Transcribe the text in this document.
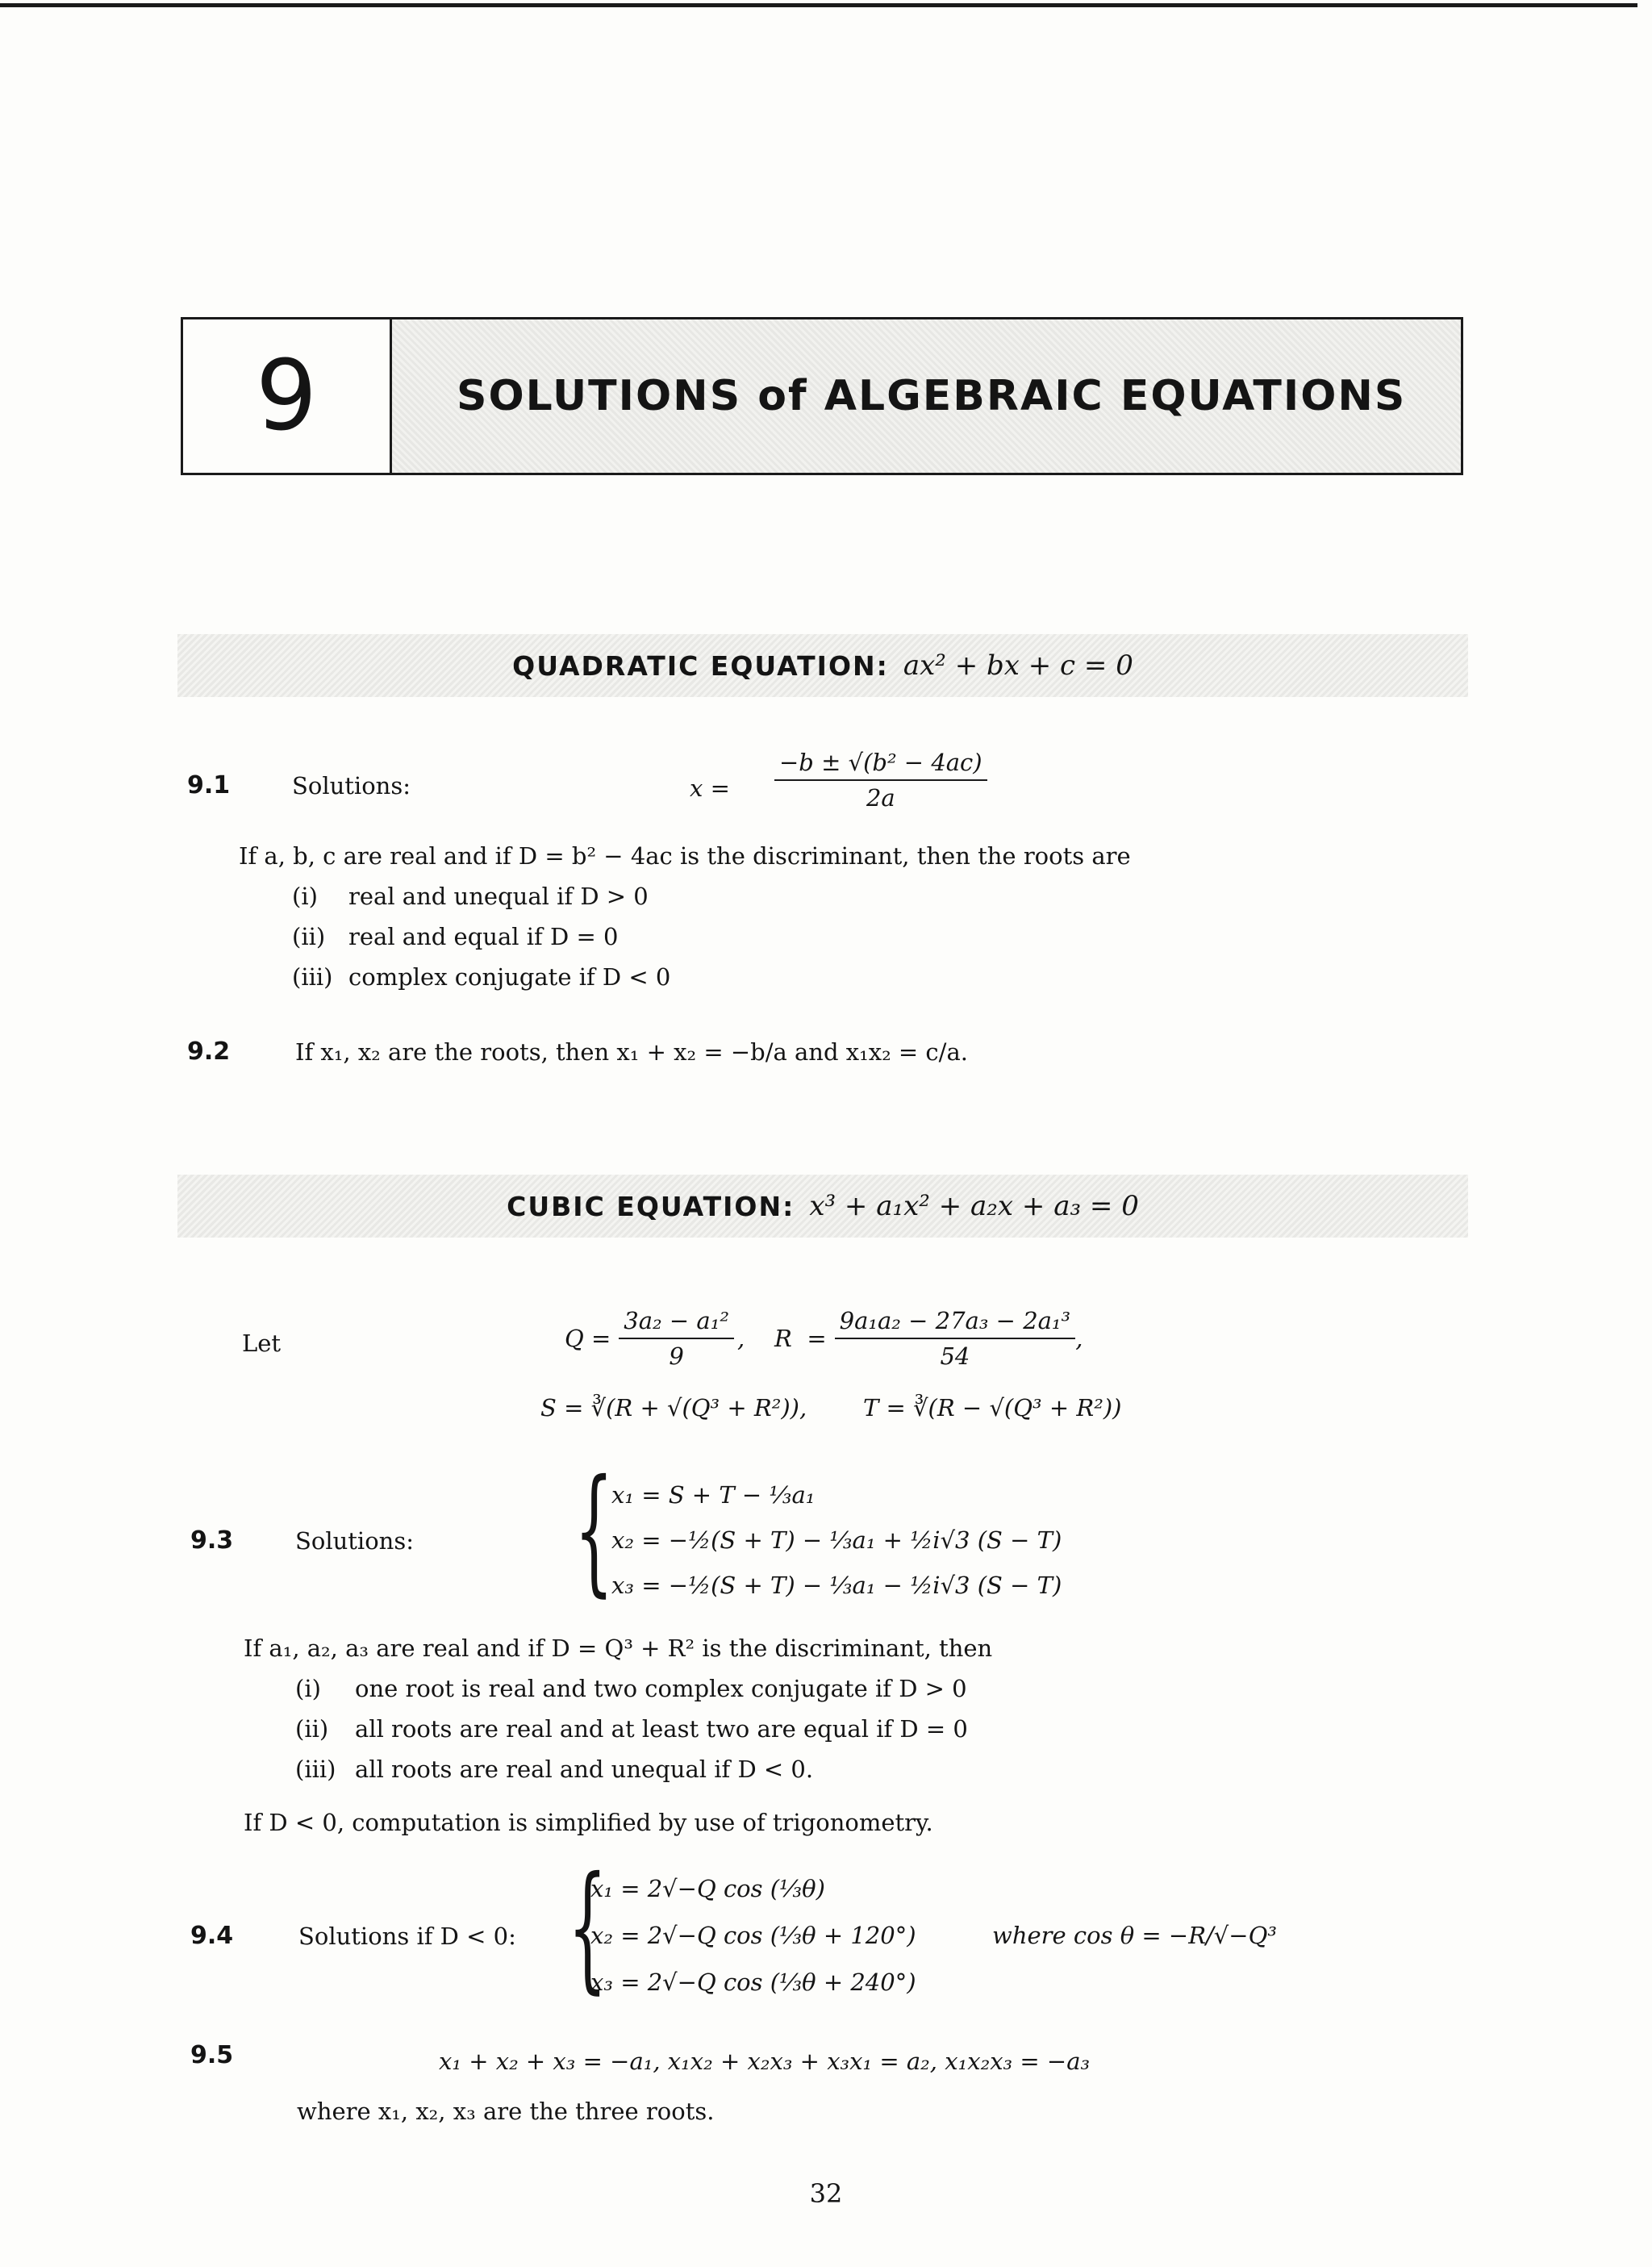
9	SOLUTIONS of ALGEBRAIC EQUATIONS
QUADRATIC EQUATION: ax² + bx + c = 0
9.1	Solutions:	$x = \frac{\text{−b ± √(b² − 4ac)}}{2a}$
If a, b, c are real and if D = b² − 4ac is the discriminant, then the roots are
(i) real and unequal if D > 0
(ii) real and equal if D = 0
(iii) complex conjugate if D < 0
9.2	If x₁, x₂ are the roots, then x₁ + x₂ = −b/a and x₁x₂ = c/a.
CUBIC EQUATION: x³ + a₁x² + a₂x + a₃ = 0
Let	$Q = \frac{\text{3a₂ − a₁²}}{9}$ ,    $R = \frac{\text{9a₁a₂ − 27a₃ − 2a₁³}}{54}$ ,
S = ∛(R + √(Q³ + R²)), T = ∛(R − √(Q³ + R²))
{
9.3	Solutions:
x₁ = S + T − ⅓a₁
x₂ = −½(S + T) − ⅓a₁ + ½i√3 (S − T)
x₃ = −½(S + T) − ⅓a₁ − ½i√3 (S − T)
If a₁, a₂, a₃ are real and if D = Q³ + R² is the discriminant, then
(i) one root is real and two complex conjugate if D > 0
(ii) all roots are real and at least two are equal if D = 0
(iii) all roots are real and unequal if D < 0.
If D < 0, computation is simplified by use of trigonometry.
{
9.4	Solutions if D < 0:
x₁ = 2√−Q cos (⅓θ)
x₂ = 2√−Q cos (⅓θ + 120°)
x₃ = 2√−Q cos (⅓θ + 240°)
where cos θ = −R/√−Q³
9.5	x₁ + x₂ + x₃ = −a₁, x₁x₂ + x₂x₃ + x₃x₁ = a₂, x₁x₂x₃ = −a₃
where x₁, x₂, x₃ are the three roots.
32
